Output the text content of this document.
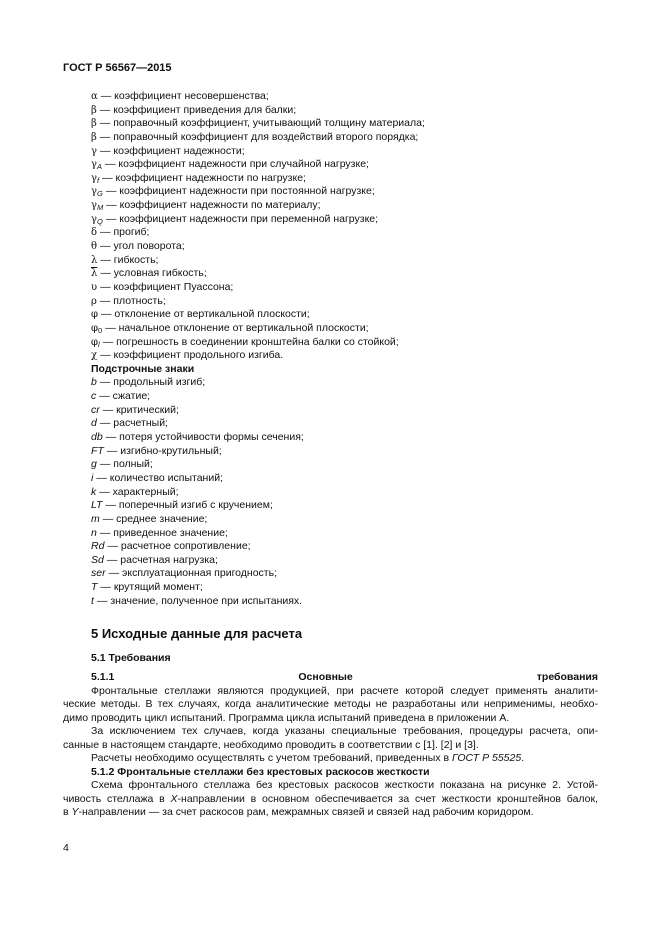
ГОСТ Р 56567—2015
α — коэффициент несовершенства;
β — коэффициент приведения для балки;
β — поправочный коэффициент, учитывающий толщину материала;
β — поправочный коэффициент для воздействий второго порядка;
γ — коэффициент надежности;
$\gamma_A$ — коэффициент надежности при случайной нагрузке;
$\gamma_f$ — коэффициент надежности по нагрузке;
$\gamma_G$ — коэффициент надежности при постоянной нагрузке;
$\gamma_M$ — коэффициент надежности по материалу;
$\gamma_Q$ — коэффициент надежности при переменной нагрузке;
δ — прогиб;
θ — угол поворота;
λ — гибкость;
$\overline{\lambda}$ — условная гибкость;
υ — коэффициент Пуассона;
ρ — плотность;
φ — отклонение от вертикальной плоскости;
$\varphi_0$ — начальное отклонение от вертикальной плоскости;
$\varphi_l$ — погрешность в соединении кронштейна балки со стойкой;
χ — коэффициент продольного изгиба.
Подстрочные знаки
b — продольный изгиб;
c — сжатие;
cr — критический;
d — расчетный;
db — потеря устойчивости формы сечения;
FT — изгибно-крутильный;
g — полный;
i — количество испытаний;
k — характерный;
LT — поперечный изгиб с кручением;
m — среднее значение;
n — приведенное значение;
Rd — расчетное сопротивление;
Sd — расчетная нагрузка;
ser — эксплуатационная пригодность;
T — крутящий момент;
t — значение, полученное при испытаниях.
5 Исходные данные для расчета
5.1 Требования
5.1.1 Основные требования
Фронтальные стеллажи являются продукцией, при расчете которой следует применять аналити-
ческие методы. В тех случаях, когда аналитические методы не разработаны или неприменимы, необхо-
димо проводить цикл испытаний. Программа цикла испытаний приведена в приложении А.
За исключением тех случаев, когда указаны специальные требования, процедуры расчета, опи-
санные в настоящем стандарте, необходимо проводить в соответствии с [1]. [2] и [3].
Расчеты необходимо осуществлять с учетом требований, приведенных в ГОСТ Р 55525.
5.1.2 Фронтальные стеллажи без крестовых раскосов жесткости
Схема фронтального стеллажа без крестовых раскосов жесткости показана на рисунке 2. Устой-
чивость стеллажа в X-направлении в основном обеспечивается за счет жесткости кронштейнов балок,
в Y-направлении — за счет раскосов рам, межрамных связей и связей над рабочим коридором.
4
